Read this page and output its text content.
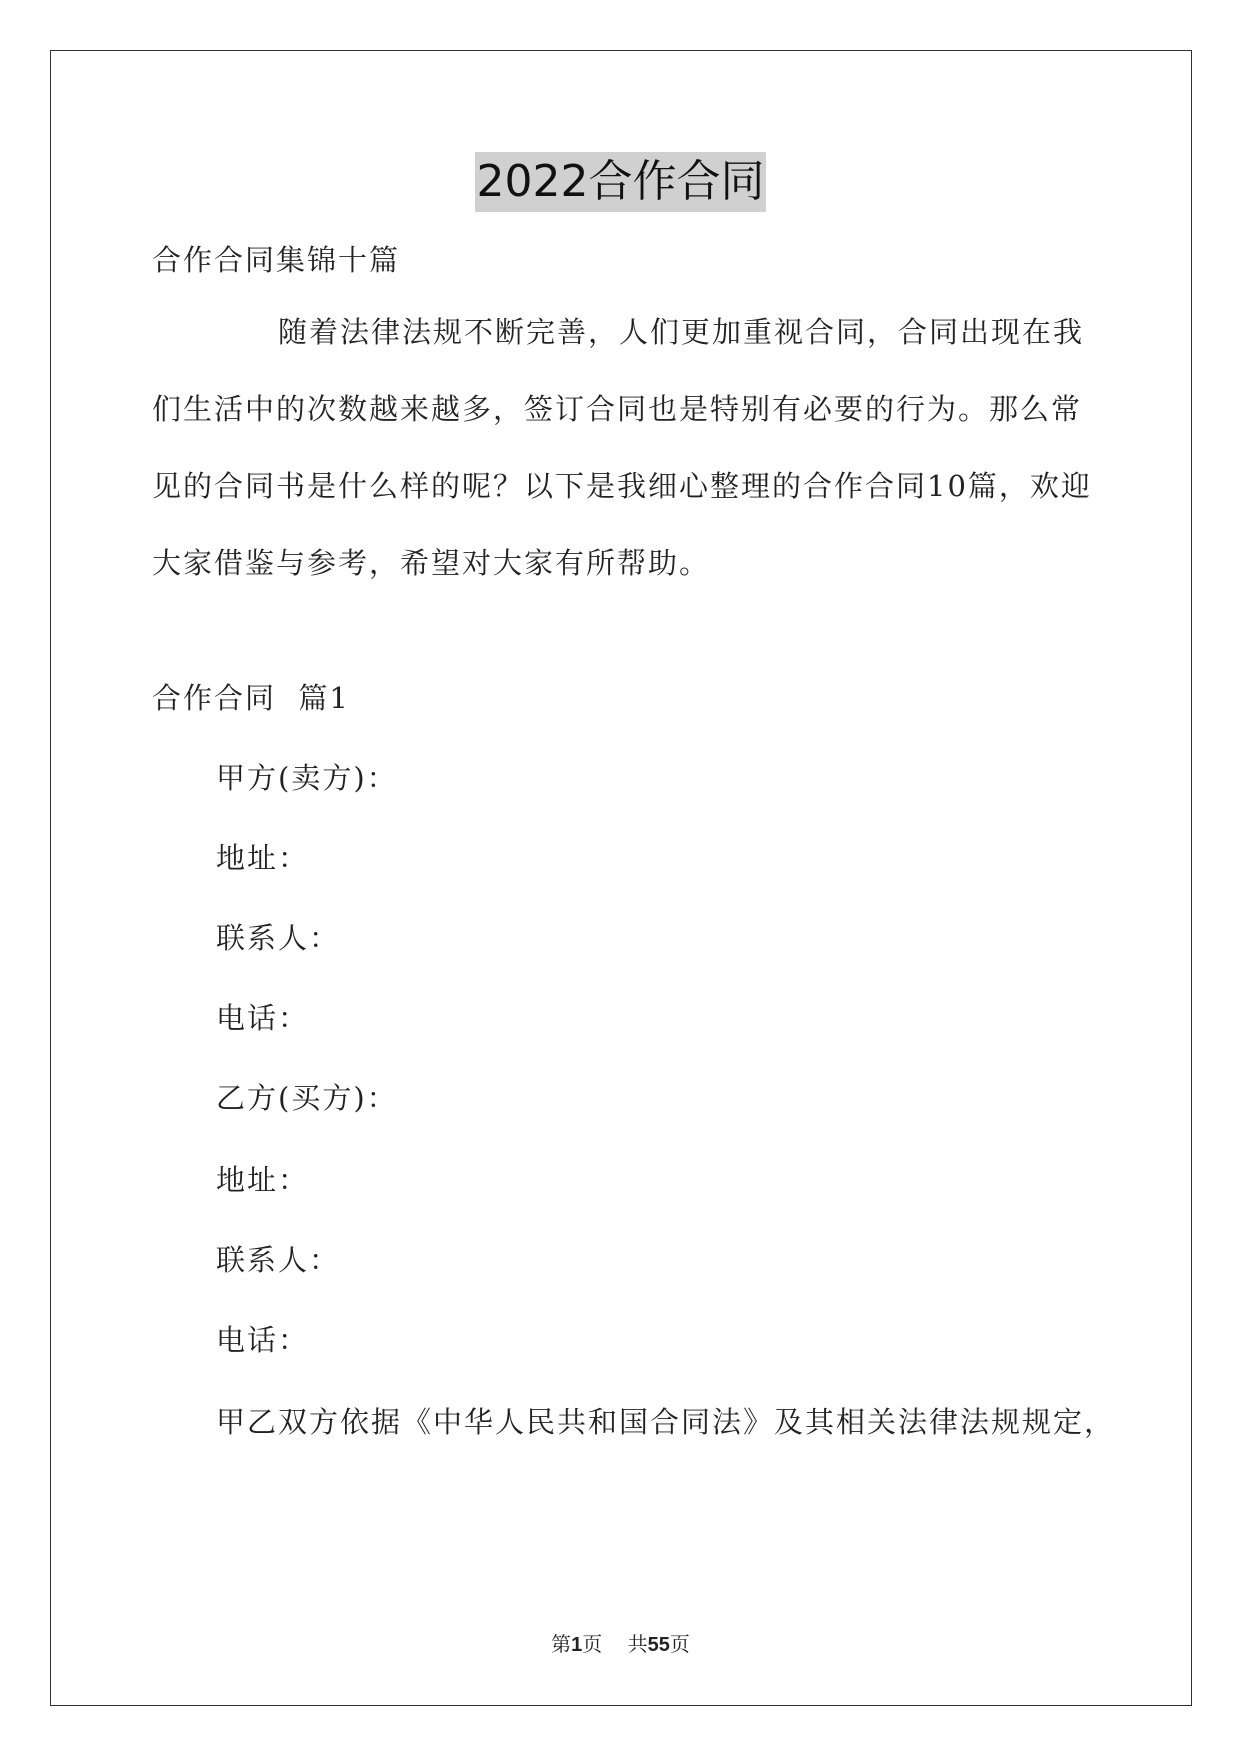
2022合作合同
合作合同集锦十篇
随着法律法规不断完善，人们更加重视合同，合同出现在我
们生活中的次数越来越多，签订合同也是特别有必要的行为。那么常
见的合同书是什么样的呢？以下是我细心整理的合作合同10篇，欢迎
大家借鉴与参考，希望对大家有所帮助。
合作合同  篇1
甲方(卖方)：
地址：
联系人：
电话：
乙方(买方)：
地址：
联系人：
电话：
甲乙双方依据《中华人民共和国合同法》及其相关法律法规规定，
第1页 共55页
